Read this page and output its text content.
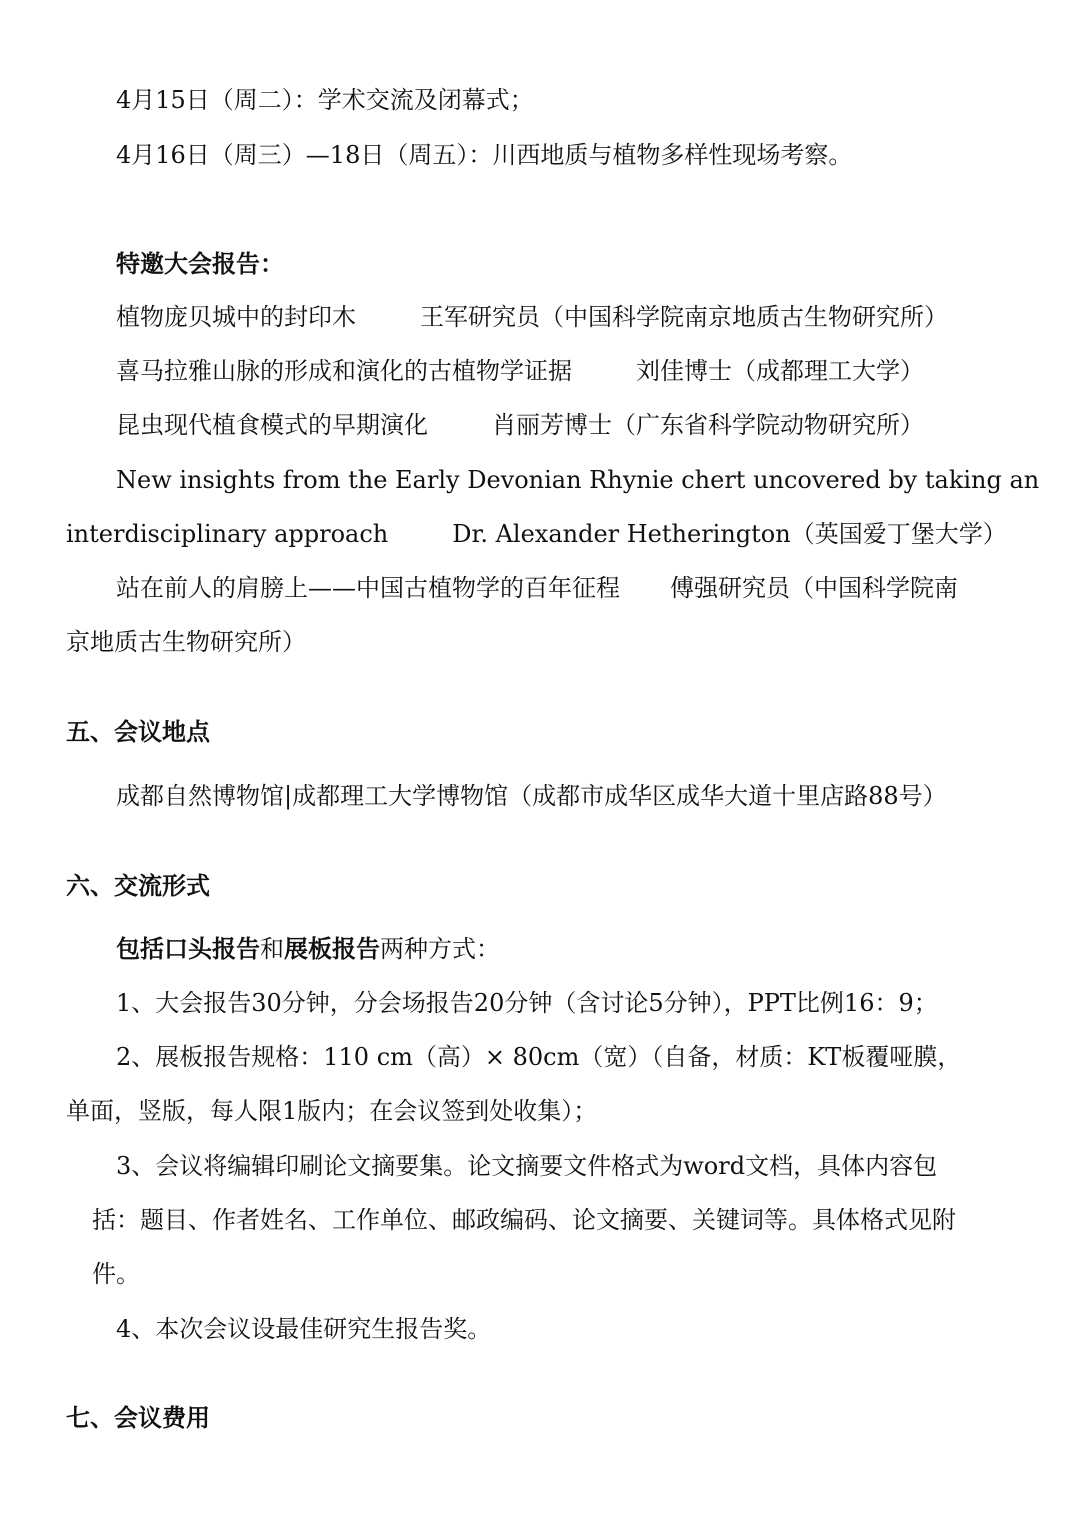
4月15日（周二）：学术交流及闭幕式；
4月16日（周三）—18日（周五）：川西地质与植物多样性现场考察。
特邀大会报告：
植物庞贝城中的封印木	王军研究员（中国科学院南京地质古生物研究所）
喜马拉雅山脉的形成和演化的古植物学证据	刘佳博士（成都理工大学）
昆虫现代植食模式的早期演化	肖丽芳博士（广东省科学院动物研究所）
New insights from the Early Devonian Rhynie chert uncovered by taking an
interdisciplinary approach	Dr. Alexander Hetherington（英国爱丁堡大学）
站在前人的肩膀上——中国古植物学的百年征程 傅强研究员（中国科学院南
京地质古生物研究所）
五、会议地点
成都自然博物馆|成都理工大学博物馆（成都市成华区成华大道十里店路88号）
六、交流形式
包括口头报告和展板报告两种方式：
1、大会报告30分钟，分会场报告20分钟（含讨论5分钟），PPT比例16：9；
2、展板报告规格：110 cm（高）× 80cm（宽）（自备，材质：KT板覆哑膜，
单面，竖版，每人限1版内；在会议签到处收集）；
3、会议将编辑印刷论文摘要集。论文摘要文件格式为word文档，具体内容包
括：题目、作者姓名、工作单位、邮政编码、论文摘要、关键词等。具体格式见附
件。
4、本次会议设最佳研究生报告奖。
七、会议费用
